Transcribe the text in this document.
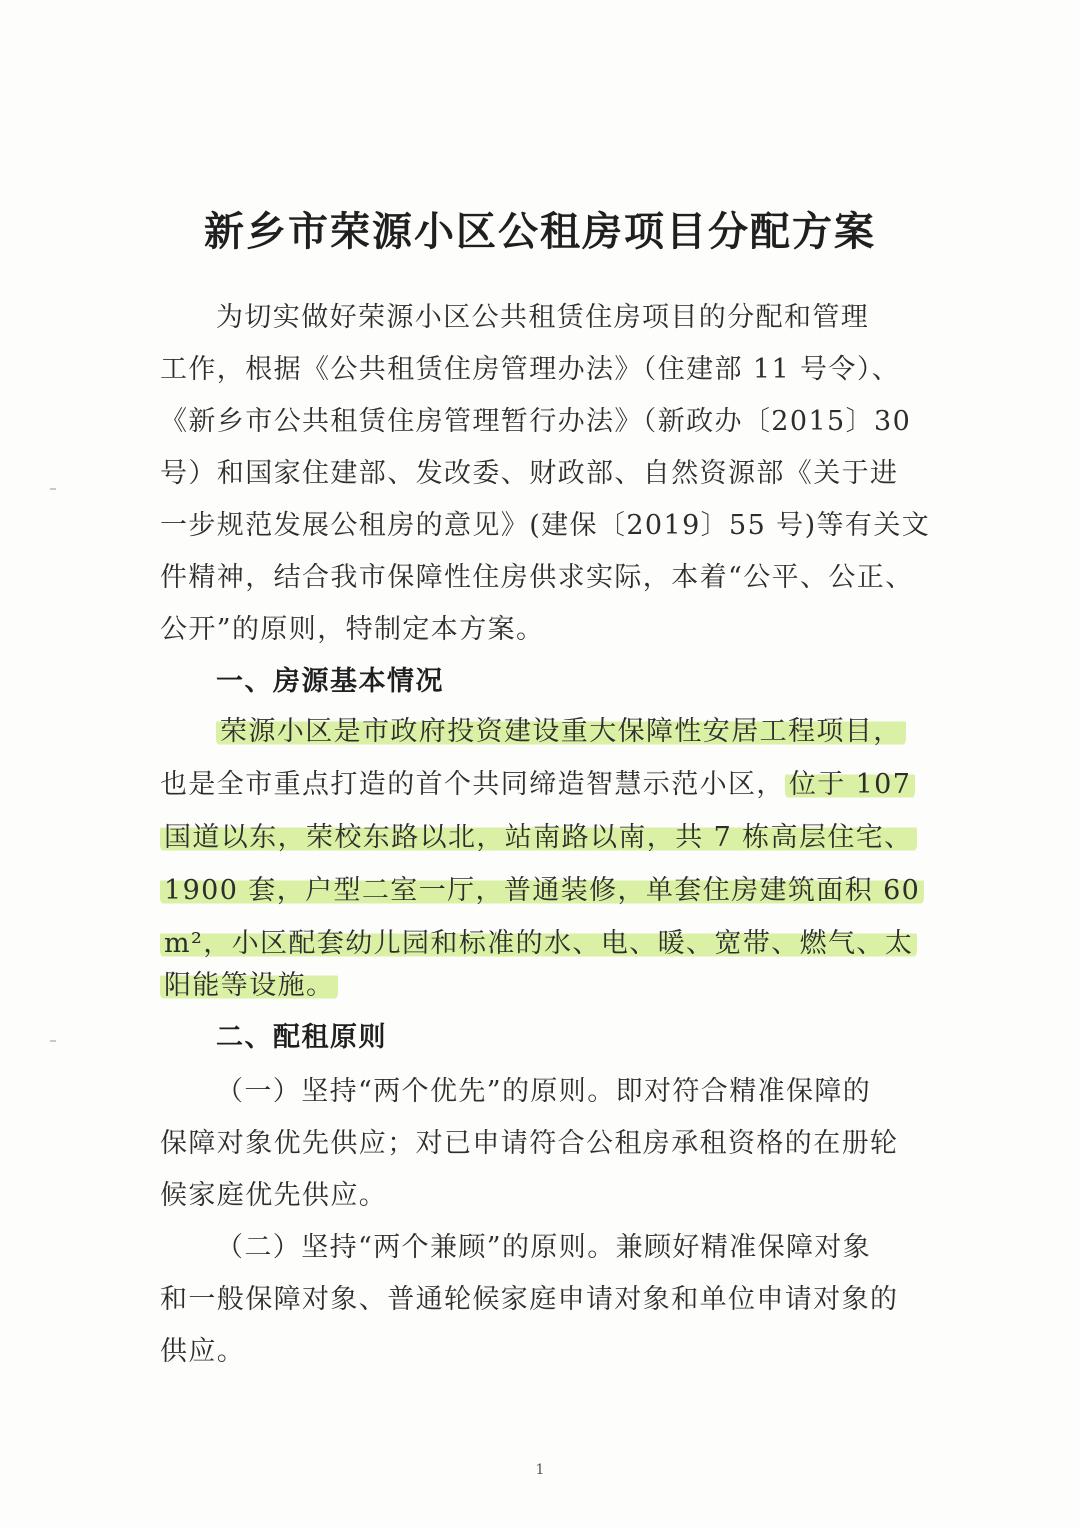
新乡市荣源小区公租房项目分配方案
为切实做好荣源小区公共租赁住房项目的分配和管理
工作，根据《公共租赁住房管理办法》（住建部 11 号令）、
《新乡市公共租赁住房管理暂行办法》（新政办〔2015〕30
号）和国家住建部、发改委、财政部、自然资源部《关于进
一步规范发展公租房的意见》(建保〔2019〕55 号)等有关文
件精神，结合我市保障性住房供求实际，本着“公平、公正、
公开”的原则，特制定本方案。
一、房源基本情况
荣源小区是市政府投资建设重大保障性安居工程项目，
也是全市重点打造的首个共同缔造智慧示范小区， 位于 107
国道以东，荣校东路以北，站南路以南，共 7 栋高层住宅、
1900 套，户型二室一厅，普通装修，单套住房建筑面积 60
m²，小区配套幼儿园和标准的水、电、暖、宽带、燃气、太
阳能等设施。
二、配租原则
（一）坚持“两个优先”的原则。即对符合精准保障的
保障对象优先供应；对已申请符合公租房承租资格的在册轮
候家庭优先供应。
（二）坚持“两个兼顾”的原则。兼顾好精准保障对象
和一般保障对象、普通轮候家庭申请对象和单位申请对象的
供应。
1
